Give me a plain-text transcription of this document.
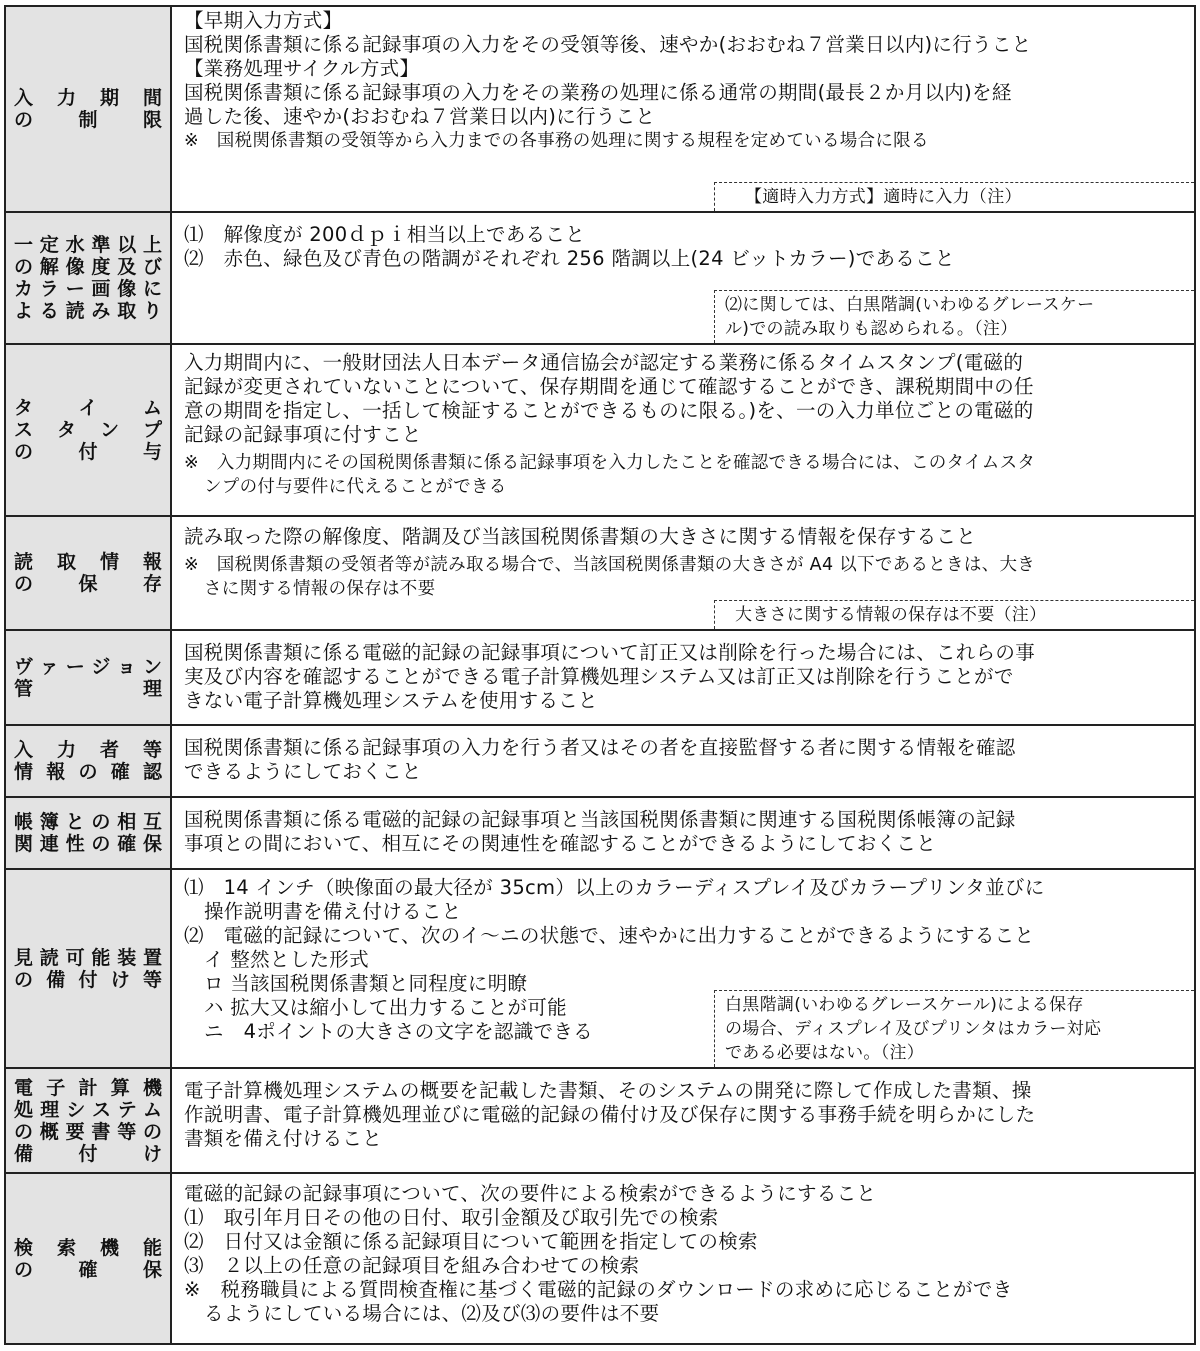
入 力 期 間
の　 制 　限
【早期入力方式】
国税関係書類に係る記録事項の入力をその受領等後、速やか(おおむね７営業日以内)に行うこと
【業務処理サイクル方式】
国税関係書類に係る記録事項の入力をその業務の処理に係る通常の期間(最長２か月以内)を経
過した後、速やか(おおむね７営業日以内)に行うこと
※　国税関係書類の受領等から入力までの各事務の処理に関する規程を定めている場合に限る
【適時入力方式】適時に入力（注）
一定水準以上
の解像度及び
カラー画像に
よる読み取り
⑴　解像度が 200ｄｐｉ相当以上であること
⑵　赤色、緑色及び青色の階調がそれぞれ 256 階調以上(24 ビットカラー)であること
⑵に関しては、白黒階調(いわゆるグレースケー
ル)での読み取りも認められる。（注）
タ　イ　ム
ス タ ン プ
の　付　与
入力期間内に、一般財団法人日本データ通信協会が認定する業務に係るタイムスタンプ(電磁的
記録が変更されていないことについて、保存期間を通じて確認することができ、課税期間中の任
意の期間を指定し、一括して検証することができるものに限る。)を、一の入力単位ごとの電磁的
記録の記録事項に付すこと
※　入力期間内にその国税関係書類に係る記録事項を入力したことを確認できる場合には、このタイムスタ
ンプの付与要件に代えることができる
読 取 情 報
の　 保 　存
読み取った際の解像度、階調及び当該国税関係書類の大きさに関する情報を保存すること
※　国税関係書類の受領者等が読み取る場合で、当該国税関係書類の大きさが A4 以下であるときは、大き
さに関する情報の保存は不要
大きさに関する情報の保存は不要（注）
ヴァージョン
管　　　　理
国税関係書類に係る電磁的記録の記録事項について訂正又は削除を行った場合には、これらの事
実及び内容を確認することができる電子計算機処理システム又は訂正又は削除を行うことがで
きない電子計算機処理システムを使用すること
入 力 者 等
情 報 の 確 認
国税関係書類に係る記録事項の入力を行う者又はその者を直接監督する者に関する情報を確認
できるようにしておくこと
帳簿との相互
関連性の確保
国税関係書類に係る電磁的記録の記録事項と当該国税関係書類に関連する国税関係帳簿の記録
事項との間において、相互にその関連性を確認することができるようにしておくこと
見読可能装置
の 備 付 け 等
⑴　14 インチ（映像面の最大径が 35cm）以上のカラーディスプレイ及びカラープリンタ並びに
操作説明書を備え付けること
⑵　電磁的記録について、次のイ～ニの状態で、速やかに出力することができるようにすること
イ 整然とした形式
ロ 当該国税関係書類と同程度に明瞭
ハ 拡大又は縮小して出力することが可能
ニ　4ポイントの大きさの文字を認識できる
白黒階調(いわゆるグレースケール)による保存
の場合、ディスプレイ及びプリンタはカラー対応
である必要はない。（注）
電 子 計 算 機
処理システム
の概要書等の
備　 付　 け
電子計算機処理システムの概要を記載した書類、そのシステムの開発に際して作成した書類、操
作説明書、電子計算機処理並びに電磁的記録の備付け及び保存に関する事務手続を明らかにした
書類を備え付けること
検 索 機 能
の　 確 　保
電磁的記録の記録事項について、次の要件による検索ができるようにすること
⑴　取引年月日その他の日付、取引金額及び取引先での検索
⑵　日付又は金額に係る記録項目について範囲を指定しての検索
⑶　２以上の任意の記録項目を組み合わせての検索
※　税務職員による質問検査権に基づく電磁的記録のダウンロードの求めに応じることができ
るようにしている場合には、⑵及び⑶の要件は不要
